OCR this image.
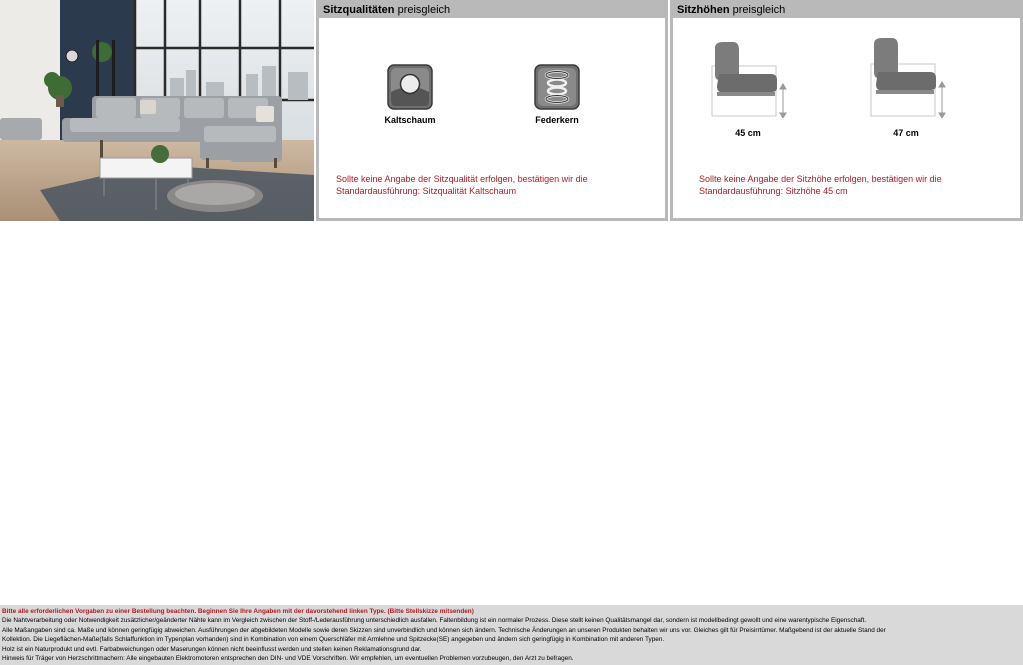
Sitzqualitäten preisgleich
Kaltschaum	Federkern
Sollte keine Angabe der Sitzqualität erfolgen, bestätigen wir die
Standardausführung: Sitzqualität Kaltschaum
Sitzhöhen preisgleich
45 cm	47 cm
Sollte keine Angabe der Sitzhöhe erfolgen, bestätigen wir die
Standardausführung: Sitzhöhe 45 cm
Bitte alle erforderlichen Vorgaben zu einer Bestellung beachten. Beginnen Sie Ihre Angaben mit der davorstehend linken Type. (Bitte Stellskizze mitsenden)
Die Nahtverarbeitung oder Notwendigkeit zusätzlicher/geänderter Nähte kann im Vergleich zwischen der Stoff-/Lederausführung unterschiedlich ausfallen. Faltenbildung ist ein normaler Prozess. Diese stellt keinen Qualitätsmangel dar, sondern ist modellbedingt gewollt und eine warentypische Eigenschaft.
Alle Maßangaben sind ca. Maße und können geringfügig abweichen. Ausführungen der abgebildeten Modelle sowie deren Skizzen sind unverbindlich und können sich ändern. Technische Änderungen an unseren Produkten behalten wir uns vor. Gleiches gilt für Preisirrtümer. Maßgebend ist der aktuelle Stand der
Kollektion. Die Liegeflächen-Maße(falls Schlaffunktion im Typenplan vorhanden) sind in Kombination von einem Querschläfer mit Armlehne und Spitzecke(SE) angegeben und ändern sich geringfügig in Kombination mit anderen Typen.
Holz ist ein Naturprodukt und evtl. Farbabweichungen oder Maserungen können nicht beeinflusst werden und stellen keinen Reklamationsgrund dar.
Hinweis für Träger von Herzschrittmachern: Alle eingebauten Elektromotoren entsprechen den DIN- und VDE Vorschriften. Wir empfehlen, um eventuellen Problemen vorzubeugen, den Arzt zu befragen.
